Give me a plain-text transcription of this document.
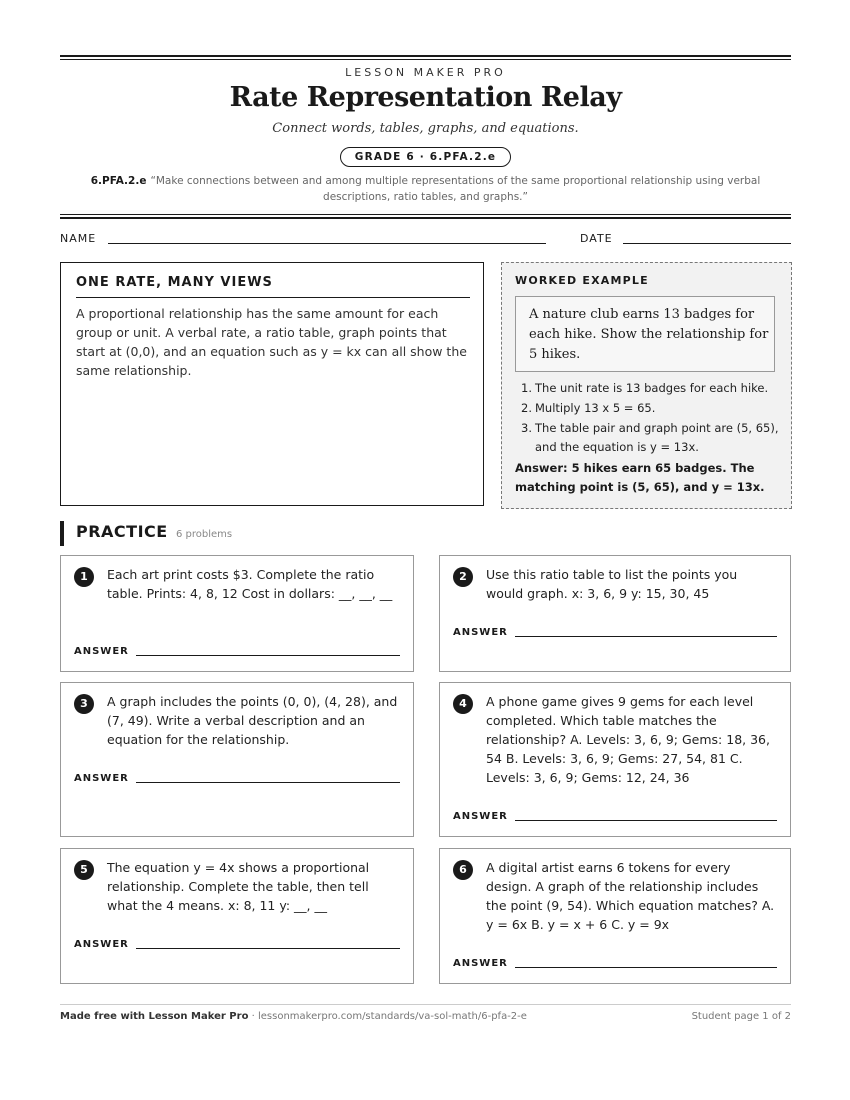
LESSON MAKER PRO
Rate Representation Relay
Connect words, tables, graphs, and equations.
GRADE 6 · 6.PFA.2.e
6.PFA.2.e “Make connections between and among multiple representations of the same proportional relationship using verbal descriptions, ratio tables, and graphs.”
NAME	DATE
ONE RATE, MANY VIEWS
A proportional relationship has the same amount for each group or unit. A verbal rate, a ratio table, graph points that start at (0,0), and an equation such as y = kx can all show the same relationship.
WORKED EXAMPLE
A nature club earns 13 badges for each hike. Show the relationship for 5 hikes.
1. The unit rate is 13 badges for each hike.
2. Multiply 13 x 5 = 65.
3. The table pair and graph point are (5, 65), and the equation is y = 13x.
Answer: 5 hikes earn 65 badges. The matching point is (5, 65), and y = 13x.
PRACTICE 6 problems
1	Each art print costs $3. Complete the ratio table. Prints: 4, 8, 12 Cost in dollars: __, __, __
ANSWER
2	Use this ratio table to list the points you would graph. x: 3, 6, 9 y: 15, 30, 45
ANSWER
3	A graph includes the points (0, 0), (4, 28), and (7, 49). Write a verbal description and an equation for the relationship.
ANSWER
4	A phone game gives 9 gems for each level completed. Which table matches the relationship? A. Levels: 3, 6, 9; Gems: 18, 36, 54 B. Levels: 3, 6, 9; Gems: 27, 54, 81 C. Levels: 3, 6, 9; Gems: 12, 24, 36
ANSWER
5	The equation y = 4x shows a proportional relationship. Complete the table, then tell what the 4 means. x: 8, 11 y: __, __
ANSWER
6	A digital artist earns 6 tokens for every design. A graph of the relationship includes the point (9, 54). Which equation matches? A. y = 6x B. y = x + 6 C. y = 9x
ANSWER
Made free with Lesson Maker Pro · lessonmakerpro.com/standards/va-sol-math/6-pfa-2-e	Student page 1 of 2
